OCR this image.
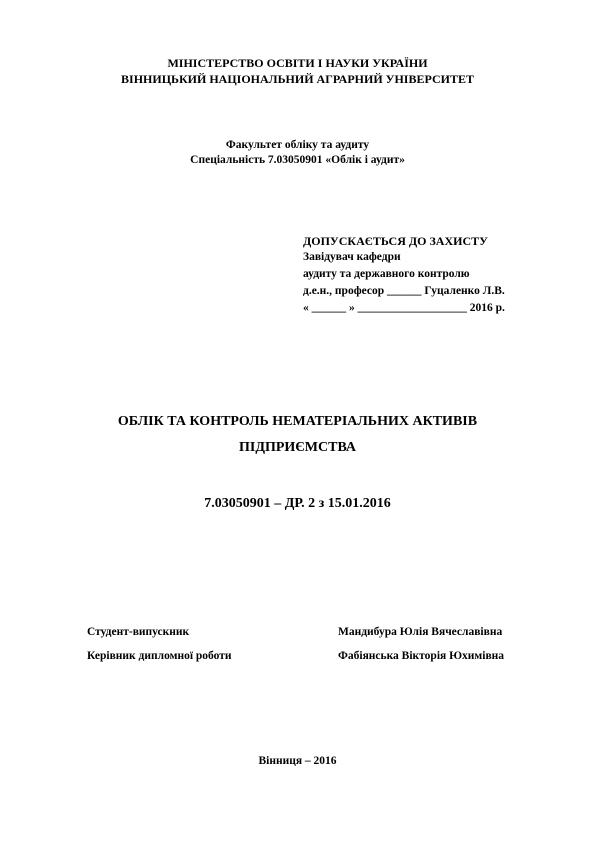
МІНІСТЕРСТВО ОСВІТИ І НАУКИ УКРАЇНИ
ВІННИЦЬКИЙ НАЦІОНАЛЬНИЙ АГРАРНИЙ УНІВЕРСИТЕТ
Факультет обліку та аудиту
Спеціальність 7.03050901 «Облік і аудит»
ДОПУСКАЄТЬСЯ ДО ЗАХИСТУ
Завідувач кафедри
аудиту та державного контролю
д.е.н., професор ______ Гуцаленко Л.В.
« ______ » ___________________ 2016 р.
ОБЛІК ТА КОНТРОЛЬ НЕМАТЕРІАЛЬНИХ АКТИВІВ
ПІДПРИЄМСТВА
7.03050901 – ДР. 2 з 15.01.2016
Студент-випускник	Мандибура Юлія Вячеславівна
Керівник дипломної роботи	Фабіянська Вікторія Юхимівна
Вінниця – 2016
